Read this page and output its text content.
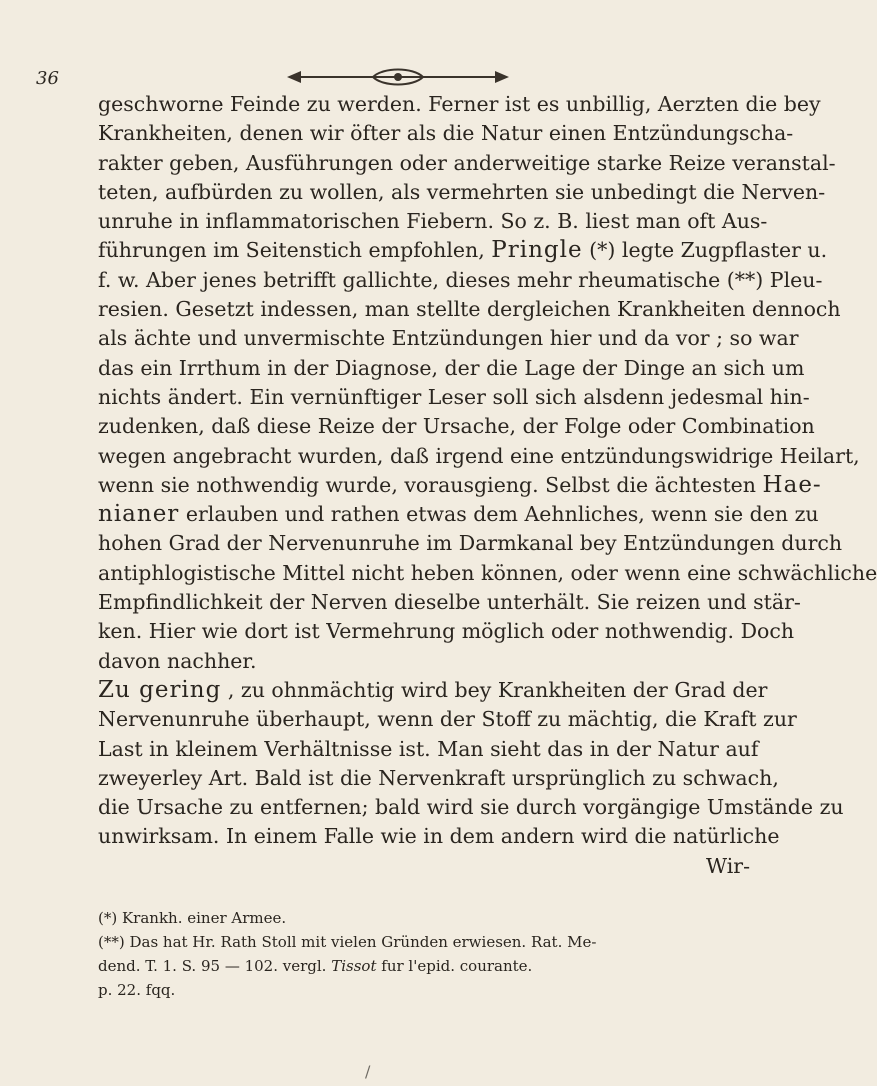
36
geschworne Feinde zu werden. Ferner ist es unbillig, Aerzten die bey
Krankheiten, denen wir öfter als die Natur einen Entzündungscha-
rakter geben, Ausführungen oder anderweitige starke Reize veranstal-
teten, aufbürden zu wollen, als vermehrten sie unbedingt die Nerven-
unruhe in inflammatorischen Fiebern. So z. B. liest man oft Aus-
führungen im Seitenstich empfohlen, Pringle (*) legte Zugpflaster u.
f. w. Aber jenes betrifft gallichte, dieses mehr rheumatische (**) Pleu-
resien. Gesetzt indessen, man stellte dergleichen Krankheiten dennoch
als ächte und unvermischte Entzündungen hier und da vor ; so war
das ein Irrthum in der Diagnose, der die Lage der Dinge an sich um
nichts ändert. Ein vernünftiger Leser soll sich alsdenn jedesmal hin-
zudenken, daß diese Reize der Ursache, der Folge oder Combination
wegen angebracht wurden, daß irgend eine entzündungswidrige Heilart,
wenn sie nothwendig wurde, vorausgieng. Selbst die ächtesten Hae-
nianer erlauben und rathen etwas dem Aehnliches, wenn sie den zu
hohen Grad der Nervenunruhe im Darmkanal bey Entzündungen durch
antiphlogistische Mittel nicht heben können, oder wenn eine schwächliche
Empfindlichkeit der Nerven dieselbe unterhält. Sie reizen und stär-
ken. Hier wie dort ist Vermehrung möglich oder nothwendig. Doch
davon nachher.
Zu gering , zu ohnmächtig wird bey Krankheiten der Grad der
Nervenunruhe überhaupt, wenn der Stoff zu mächtig, die Kraft zur
Last in kleinem Verhältnisse ist. Man sieht das in der Natur auf
zweyerley Art. Bald ist die Nervenkraft ursprünglich zu schwach,
die Ursache zu entfernen; bald wird sie durch vorgängige Umstände zu
unwirksam. In einem Falle wie in dem andern wird die natürliche
Wir-
(*) Krankh. einer Armee.
(**) Das hat Hr. Rath Stoll mit vielen Gründen erwiesen. Rat. Me-
dend. T. 1. S. 95 — 102. vergl. Tissot fur l'epid. courante.
p. 22. fqq.
/
